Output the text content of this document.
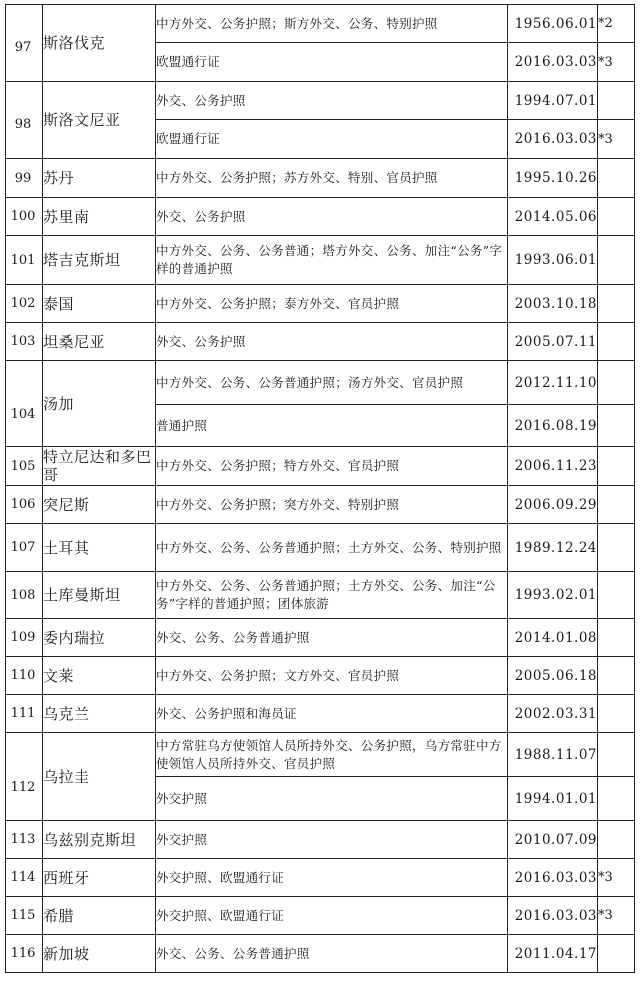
97	斯洛伐克	中方外交、公务护照；斯方外交、公务、特别护照	1956.06.01	*2
		欧盟通行证	2016.03.03	*3

98	斯洛文尼亚	外交、公务护照	1994.07.01	
		欧盟通行证	2016.03.03	*3

99	苏丹	中方外交、公务护照；苏方外交、特别、官员护照	1995.10.26	

100	苏里南	外交、公务护照	2014.05.06	

101	塔吉克斯坦	中方外交、公务、公务普通；塔方外交、公务、加注“公务”字样的普通护照	1993.06.01	

102	泰国	中方外交、公务护照；泰方外交、官员护照	2003.10.18	

103	坦桑尼亚	外交、公务护照	2005.07.11	

104	汤加	中方外交、公务、公务普通护照；汤方外交、官员护照	2012.11.10	
		普通护照	2016.08.19	

105	特立尼达和多巴哥	中方外交、公务护照；特方外交、官员护照	2006.11.23	

106	突尼斯	中方外交、公务护照；突方外交、特别护照	2006.09.29	

107	土耳其	中方外交、公务、公务普通护照；土方外交、公务、特别护照	1989.12.24	

108	土库曼斯坦	中方外交、公务、公务普通护照；土方外交、公务、加注“公务”字样的普通护照；团体旅游	1993.02.01	

109	委内瑞拉	外交、公务、公务普通护照	2014.01.08	

110	文莱	中方外交、公务护照；文方外交、官员护照	2005.06.18	

111	乌克兰	外交、公务护照和海员证	2002.03.31	

112	乌拉圭	中方常驻乌方使领馆人员所持外交、公务护照，乌方常驻中方使领馆人员所持外交、官员护照	1988.11.07	
		外交护照	1994.01.01	

113	乌兹别克斯坦	外交护照	2010.07.09	

114	西班牙	外交护照、欧盟通行证	2016.03.03	*3

115	希腊	外交护照、欧盟通行证	2016.03.03	*3

116	新加坡	外交、公务、公务普通护照	2011.04.17	
